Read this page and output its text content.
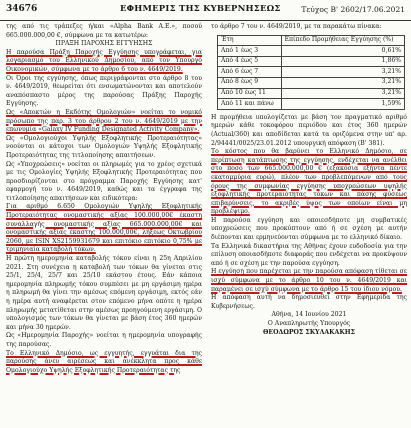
34676	ΕΦΗΜΕΡΙΣ ΤΗΣ ΚΥΒΕΡΝΗΣΕΩΣ	Τεύχος Β' 2602/17.06.2021

της από τις τράπεζες ή/και «Alpha Bank A.E.», ποσού 665.000.000,00 €, σύμφωνα με τα κατωτέρω:

ΠΡΑΞΗ ΠΑΡΟΧΗΣ ΕΓΓΥΗΣΗΣ

Η παρούσα Πράξη Παροχής Εγγύησης υπογράφεται, για λογαριασμό του Ελληνικού Δημοσίου, από τον Υπουργό Οικονομικών, σύμφωνα με το άρθρο 6 του ν. 4649/2019.

Οι Όροι της εγγύησης, όπως περιγράφονται στο άρθρο 8 του ν. 4649/2019, θεωρείται ότι ενσωματώνονται και αποτελούν αναπόσπαστο μέρος της παρούσας Πράξης Παροχής Εγγύησης.

Ως «Αποκτών η Εκδότης Ομολογιών» νοείται το νομικό πρόσωπο της παρ. 3 του άρθρου 2 του ν. 4649/2019 με την επωνυμία «Galaxy IV Funding Designated Activity Company».

Ως «Ομολογιούχοι Υψηλής Εξοφλητικής Προτεραιότητας» νοούνται οι κάτοχοι των Ομολογιών Υψηλής Εξοφλητικής Προτεραιότητας της τιτλοποίησης απαιτήσεων.

Ως «Υποχρεώσεις» νοείται οι πληρωμές για το χρέος σχετικά με τις Ομολογίες Υψηλής Εξοφλητικής Προτεραιότητας που προσδιορίζονται στο πρόγραμμα Παροχής Εγγύησης κατ' εφαρμογή του ν. 4649/2019, καθώς και τα έγγραφα της τιτλοποίησης απαιτήσεων και ειδικότερα:

Για αριθμό 6.650 Ομολογιών Υψηλής Εξοφλητικής Προτεραιότητας ονομαστικής αξίας 100.000,00€ έκαστη συναλλαγής ονομαστικής αξίας 665.000.000,00€ και ονομαστικής αξίας έκαστης 100.000,00€, λήξεως Οκτωβρίου 2060, με ISIN XS2159931679 και επιτόκιο επιτόκιο 0,75% με τριμηνιαία καταβολή τόκων.

Η πρώτη ημερομηνία καταβολής τόκου είναι η 25η Απριλίου 2021. Στη συνέχεια η καταβολή των τόκων θα γίνεται στις 25/1, 25/4, 25/7 και 25/10 εκάστου έτους. Εάν κάποια ημερομηνία πληρωμής τόκου συμπέσει με μη εργάσιμη ημέρα η πληρωμή θα γίνει την αμέσως επόμενη εργάσιμη, εκτός εάν η ημέρα αυτή αναφέρεται στον επόμενο μήνα οπότε η ημέρα πληρωμής μετατίθεται στην αμέσως προηγούμενη εργάσιμη. Ο υπολογισμός των τόκων θα γίνεται με βάση έτος 360 ημερών και μήνα 30 ημερών.

Ως «Ημερομηνία Παροχής» νοείται η ημερομηνία υπογραφής της παρούσας.

Το Ελληνικό Δημόσιο, ως εγγυητής, εγγυάται δια της παρούσης άνευ αιρέσεως και ανέκκλητα προς κάθε Ομολογιούχο Υψηλής Εξοφλητικής Προτεραιότητας της

το άρθρο 7 του ν. 4649/2019, με τα παρακάτω πίνακα:

Έτη	Επίπεδο Προμήθειας Εγγύησης (%)
Από 1 έως 3	0,61%
Από 4 έως 5	1,86%
Από 6 έως 7	3,21%
Από 8 έως 9	3,21%
Από 10 έως 11	3,21%
Από 11 και πάνω	1,59%

Η προμήθεια υπολογίζεται με βάση τον πραγματικό αριθμό ημερών κάθε τοκοφόρου περιόδου και έτος 360 ημερών (Actual/360) και αποδίδεται κατά τα οριζόμενα στην υπ' αρ. 2/94441/0025/23.01.2012 υπουργική απόφαση (Β' 381).

Το κόστος που θα βαρύνει το Ελληνικό Δημόσιο, σε περίπτωση κατάπτωσης της εγγύησης, ενδέχεται να ανέλθει στο ποσό των 665.000.000,00 € (εξακόσια εξήντα πέντε εκατομμύρια ευρώ), πλέον των προβλεπόμενων από τους όρους της συμφωνίας εγγύησης υποχρεώσεων υψηλής εξοφλητικής προτεραιότητας τόκων και πάσης φύσεως επιβαρύνσεις, το ακριβές ύψος των οποίων είναι μη προβλέψιμο.

Η παρούσα εγγύηση και οποιεσδήποτε μη συμβατικές υποχρεώσεις που προκύπτουν από ή σε σχέση με αυτήν διέπονται και ερμηνεύονται σύμφωνα με το ελληνικό δίκαιο.

Τα Ελληνικά δικαστήρια της Αθήνας έχουν ευδοδοσία για την επίλυση οποιασδήποτε διαφοράς που ενδέχεται να προκύψουν από ή σε σχέση με την παρούσα εγγύηση.

Η εγγύηση που παρέχεται με την παρούσα απόφαση τίθεται σε ισχύ σύμφωνα με το άρθρο 10 του ν. 4649/2019 και παραμένει σε ισχύ σύμφωνα με το άρθρο 15 του ίδιου νόμου.

Η απόφαση αυτή να δημοσιευθεί στην Εφημερίδα της Κυβερνήσεως.

Αθήνα, 14 Ιουνίου 2021
Ο Αναπληρωτής Υπουργός
ΘΕΟΔΩΡΟΣ ΣΚΥΛΑΚΑΚΗΣ
